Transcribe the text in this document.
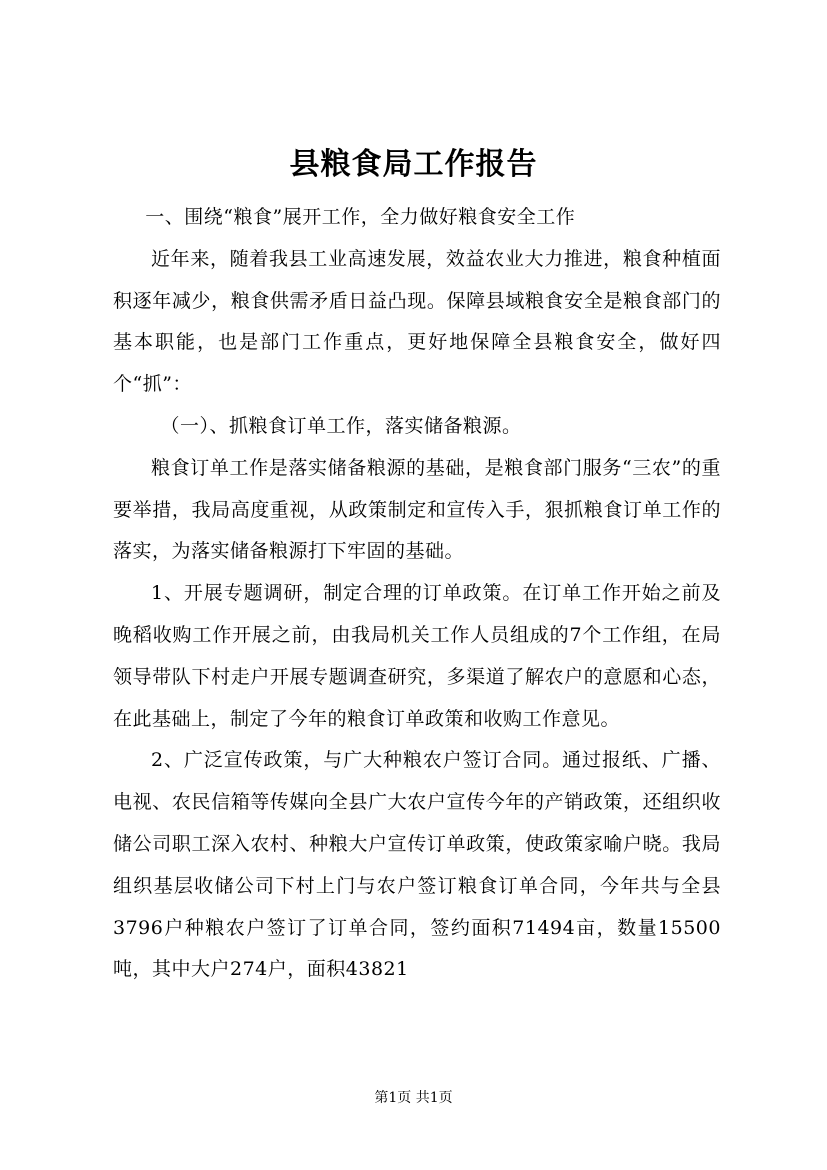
县粮食局工作报告

一、围绕“粮食”展开工作，全力做好粮食安全工作

近年来，随着我县工业高速发展，效益农业大力推进，粮食种植面积逐年减少，粮食供需矛盾日益凸现。保障县域粮食安全是粮食部门的基本职能，也是部门工作重点，更好地保障全县粮食安全，做好四个“抓”：

（一）、抓粮食订单工作，落实储备粮源。

粮食订单工作是落实储备粮源的基础，是粮食部门服务“三农”的重要举措，我局高度重视，从政策制定和宣传入手，狠抓粮食订单工作的落实，为落实储备粮源打下牢固的基础。

1、开展专题调研，制定合理的订单政策。在订单工作开始之前及晚稻收购工作开展之前，由我局机关工作人员组成的7个工作组，在局领导带队下村走户开展专题调查研究，多渠道了解农户的意愿和心态，在此基础上，制定了今年的粮食订单政策和收购工作意见。

2、广泛宣传政策，与广大种粮农户签订合同。通过报纸、广播、电视、农民信箱等传媒向全县广大农户宣传今年的产销政策，还组织收储公司职工深入农村、种粮大户宣传订单政策，使政策家喻户晓。我局组织基层收储公司下村上门与农户签订粮食订单合同，今年共与全县3796户种粮农户签订了订单合同，签约面积71494亩，数量15500吨，其中大户274户，面积43821

第1页 共1页
